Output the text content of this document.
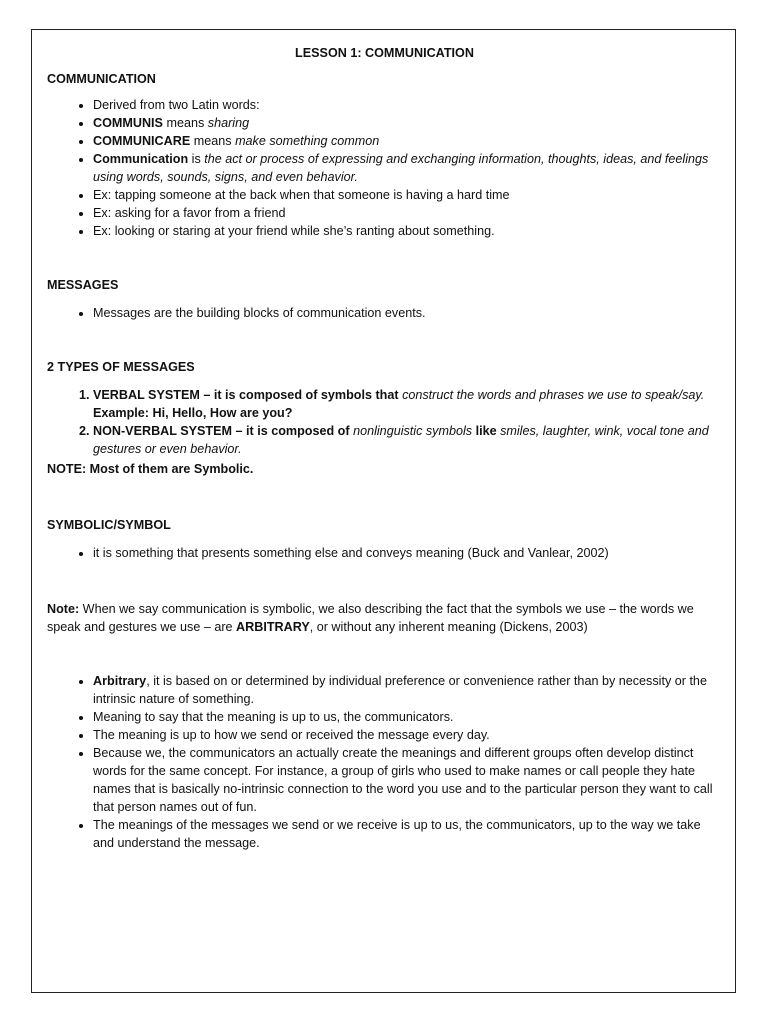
LESSON 1: COMMUNICATION
COMMUNICATION
• Derived from two Latin words:
• COMMUNIS means sharing
• COMMUNICARE means make something common
• Communication is the act or process of expressing and exchanging information, thoughts, ideas, and feelings using words, sounds, signs, and even behavior.
• Ex: tapping someone at the back when that someone is having a hard time
• Ex: asking for a favor from a friend
• Ex: looking or staring at your friend while she’s ranting about something.
MESSAGES
• Messages are the building blocks of communication events.
2 TYPES OF MESSAGES
1. VERBAL SYSTEM – it is composed of symbols that construct the words and phrases we use to speak/say.
Example: Hi, Hello, How are you?
2. NON-VERBAL SYSTEM – it is composed of nonlinguistic symbols like smiles, laughter, wink, vocal tone and gestures or even behavior.

NOTE: Most of them are Symbolic.

SYMBOLIC/SYMBOL
• it is something that presents something else and conveys meaning (Buck and Vanlear, 2002)

Note: When we say communication is symbolic, we also describing the fact that the symbols we use – the words we speak and gestures we use – are ARBITRARY, or without any inherent meaning (Dickens, 2003)

• Arbitrary, it is based on or determined by individual preference or convenience rather than by necessity or the intrinsic nature of something.
• Meaning to say that the meaning is up to us, the communicators.
• The meaning is up to how we send or received the message every day.
• Because we, the communicators an actually create the meanings and different groups often develop distinct words for the same concept. For instance, a group of girls who used to make names or call people they hate names that is basically no-intrinsic connection to the word you use and to the particular person they want to call that person names out of fun.
• The meanings of the messages we send or we receive is up to us, the communicators, up to the way we take and understand the message.
